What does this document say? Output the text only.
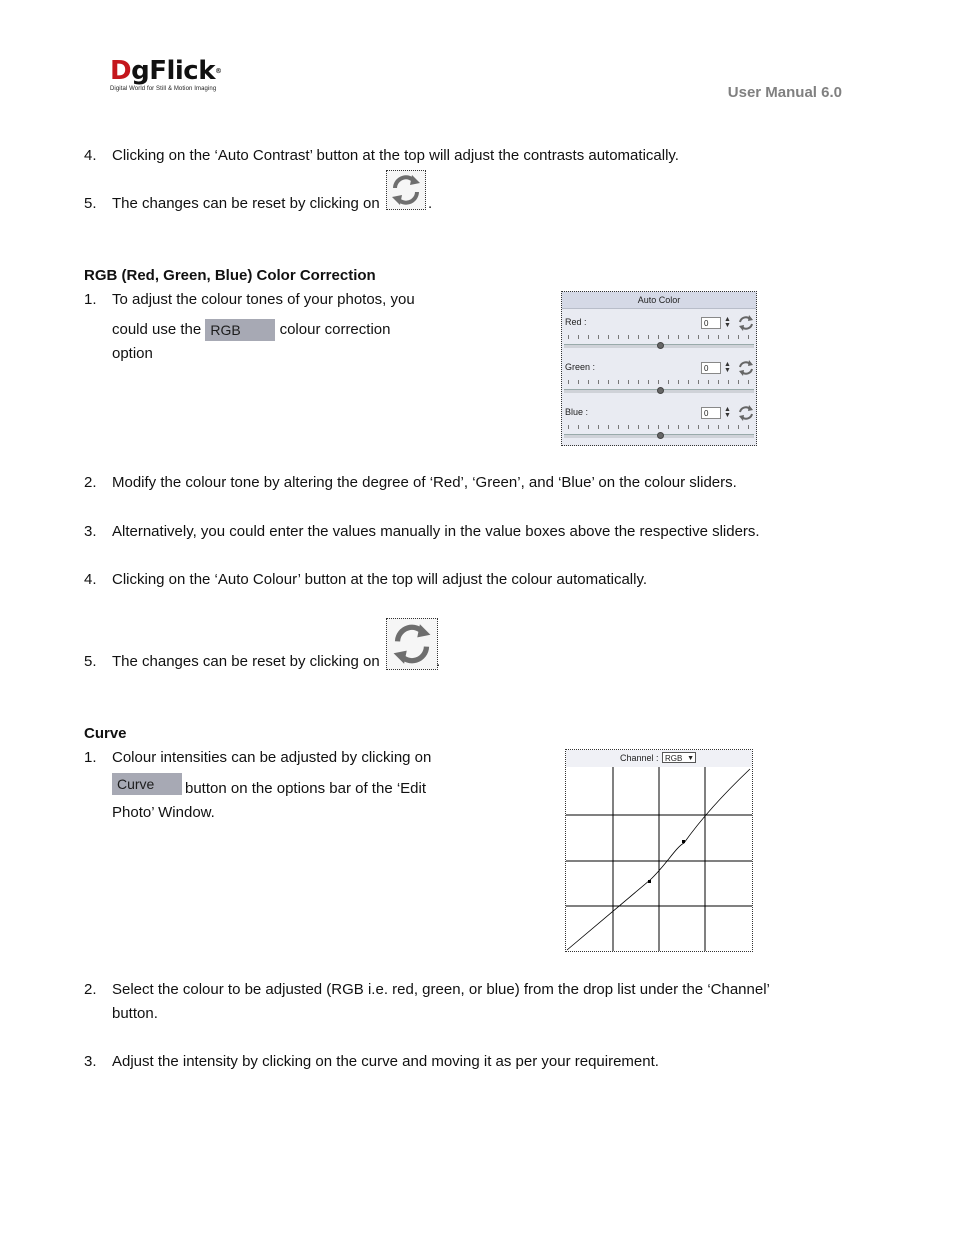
DgFlick®
Digital World for Still & Motion Imaging	User Manual 6.0
4.	Clicking on the ‘Auto Contrast’ button at the top will adjust the contrasts automatically.
5.	The changes can be reset by clicking on	.
RGB (Red, Green, Blue) Color Correction
1.	To adjust the colour tones of your photos, you
could use the RGB	colour correction
option
Auto Color
Red :	0	▲
▼
Green :	0	▲
▼
Blue :	0	▲
▼
2.	Modify the colour tone by altering the degree of ‘Red’, ‘Green’, and ‘Blue’ on the colour sliders.
3.	Alternatively, you could enter the values manually in the value boxes above the respective sliders.
4.	Clicking on the ‘Auto Colour’ button at the top will adjust the colour automatically.
5.	The changes can be reset by clicking on	.
Curve
1.	Colour intensities can be adjusted by clicking on
Curve	button on the options bar of the ‘Edit
Photo’ Window.
Channel : RGB ▼
2.	Select the colour to be adjusted (RGB i.e. red, green, or blue) from the drop list under the ‘Channel’
button.
3.	Adjust the intensity by clicking on the curve and moving it as per your requirement.
